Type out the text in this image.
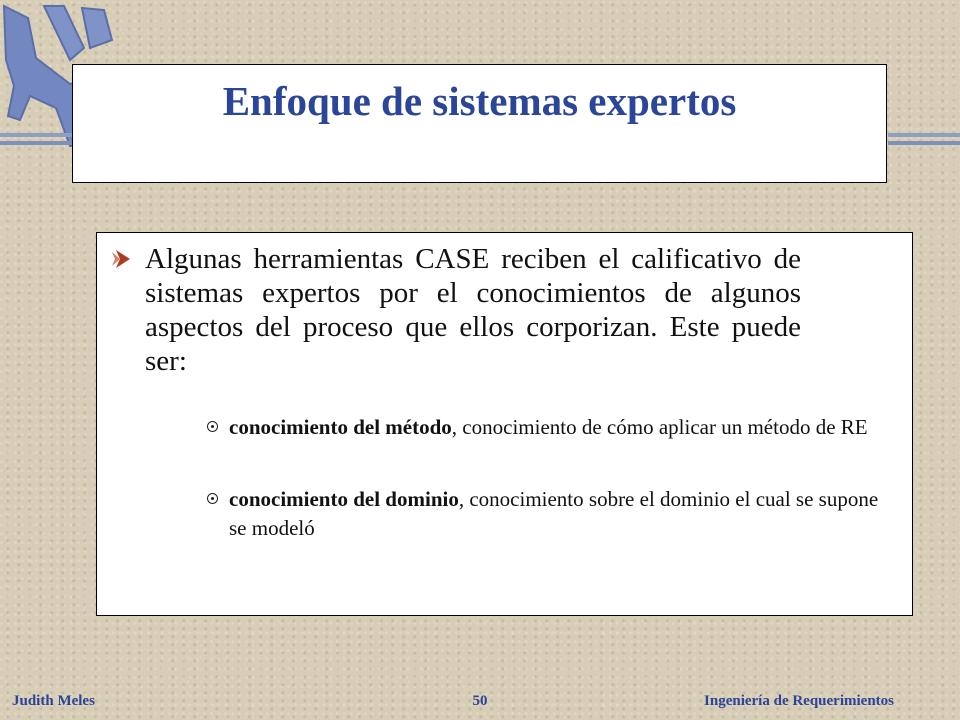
Enfoque de sistemas expertos
Algunas herramientas CASE reciben el calificativo de sistemas expertos por el conocimientos de algunos aspectos del proceso que ellos corporizan. Este puede ser:
conocimiento del método, conocimiento de cómo aplicar un método de RE
conocimiento del dominio, conocimiento sobre el dominio el cual se supone se modeló
Judith Meles	50	Ingeniería de Requerimientos
